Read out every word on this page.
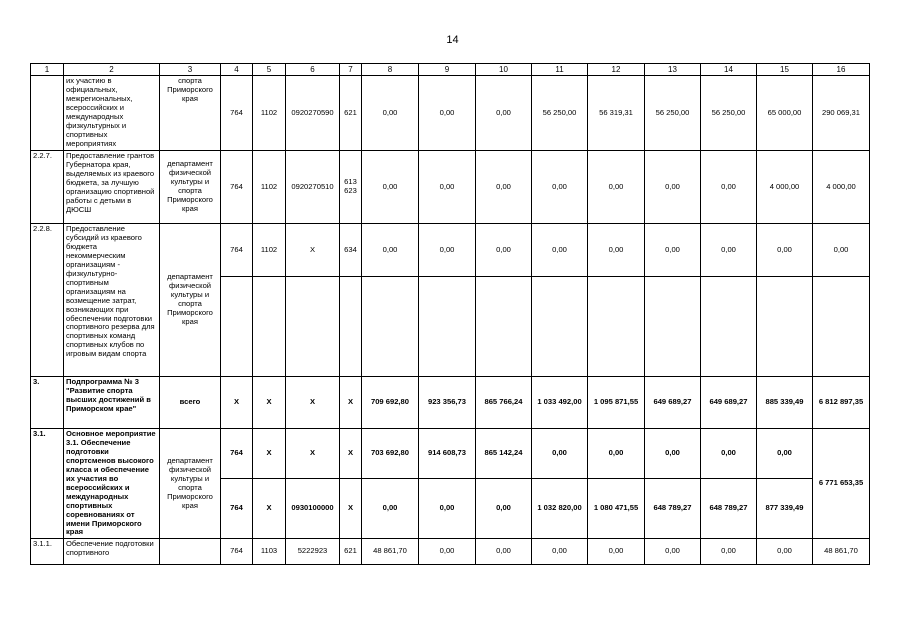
14
1	2	3	4	5	6	7	8	9	10	11	12	13	14	15	16
	их участию в официальных, межрегиональных, всероссийских и международных физкультурных и спортивных мероприятиях	спорта Приморского края	764	1102	0920270590	621	0,00	0,00	0,00	56 250,00	56 319,31	56 250,00	56 250,00	65 000,00	290 069,31
2.2.7.	Предоставление грантов Губернатора края, выделяемых из краевого бюджета, за лучшую организацию спортивной работы с детьми в ДЮСШ	департамент физической культуры и спорта Приморского края	764	1102	0920270510	613 623	0,00	0,00	0,00	0,00	0,00	0,00	0,00	4 000,00	4 000,00
2.2.8.	Предоставление субсидий из краевого бюджета некоммерческим организациям - физкультурно-спортивным организациям на возмещение затрат, возникающих при обеспечении подготовки спортивного резерва для спортивных команд спортивных клубов по игровым видам спорта	департамент физической культуры и спорта Приморского края	764	1102	Х	634	0,00	0,00	0,00	0,00	0,00	0,00	0,00	0,00	0,00

3.	Подпрограмма № 3 "Развитие спорта высших достижений в Приморском крае"	всего	Х	Х	Х	Х	709 692,80	923 356,73	865 766,24	1 033 492,00	1 095 871,55	649 689,27	649 689,27	885 339,49	6 812 897,35
3.1.	Основное мероприятие 3.1. Обеспечение подготовки спортсменов высокого класса и обеспечение их участия во всероссийских и международных спортивных соревнованиях от имени Приморского края	департамент физической культуры и спорта Приморского края	764	Х	Х	Х	703 692,80	914 608,73	865 142,24	0,00	0,00	0,00	0,00	0,00	6 771 653,35
			764	Х	0930100000	Х	0,00	0,00	0,00	1 032 820,00	1 080 471,55	648 789,27	648 789,27	877 339,49	
3.1.1.	Обеспечение подготовки спортивного		764	1103	5222923	621	48 861,70	0,00	0,00	0,00	0,00	0,00	0,00	0,00	48 861,70
